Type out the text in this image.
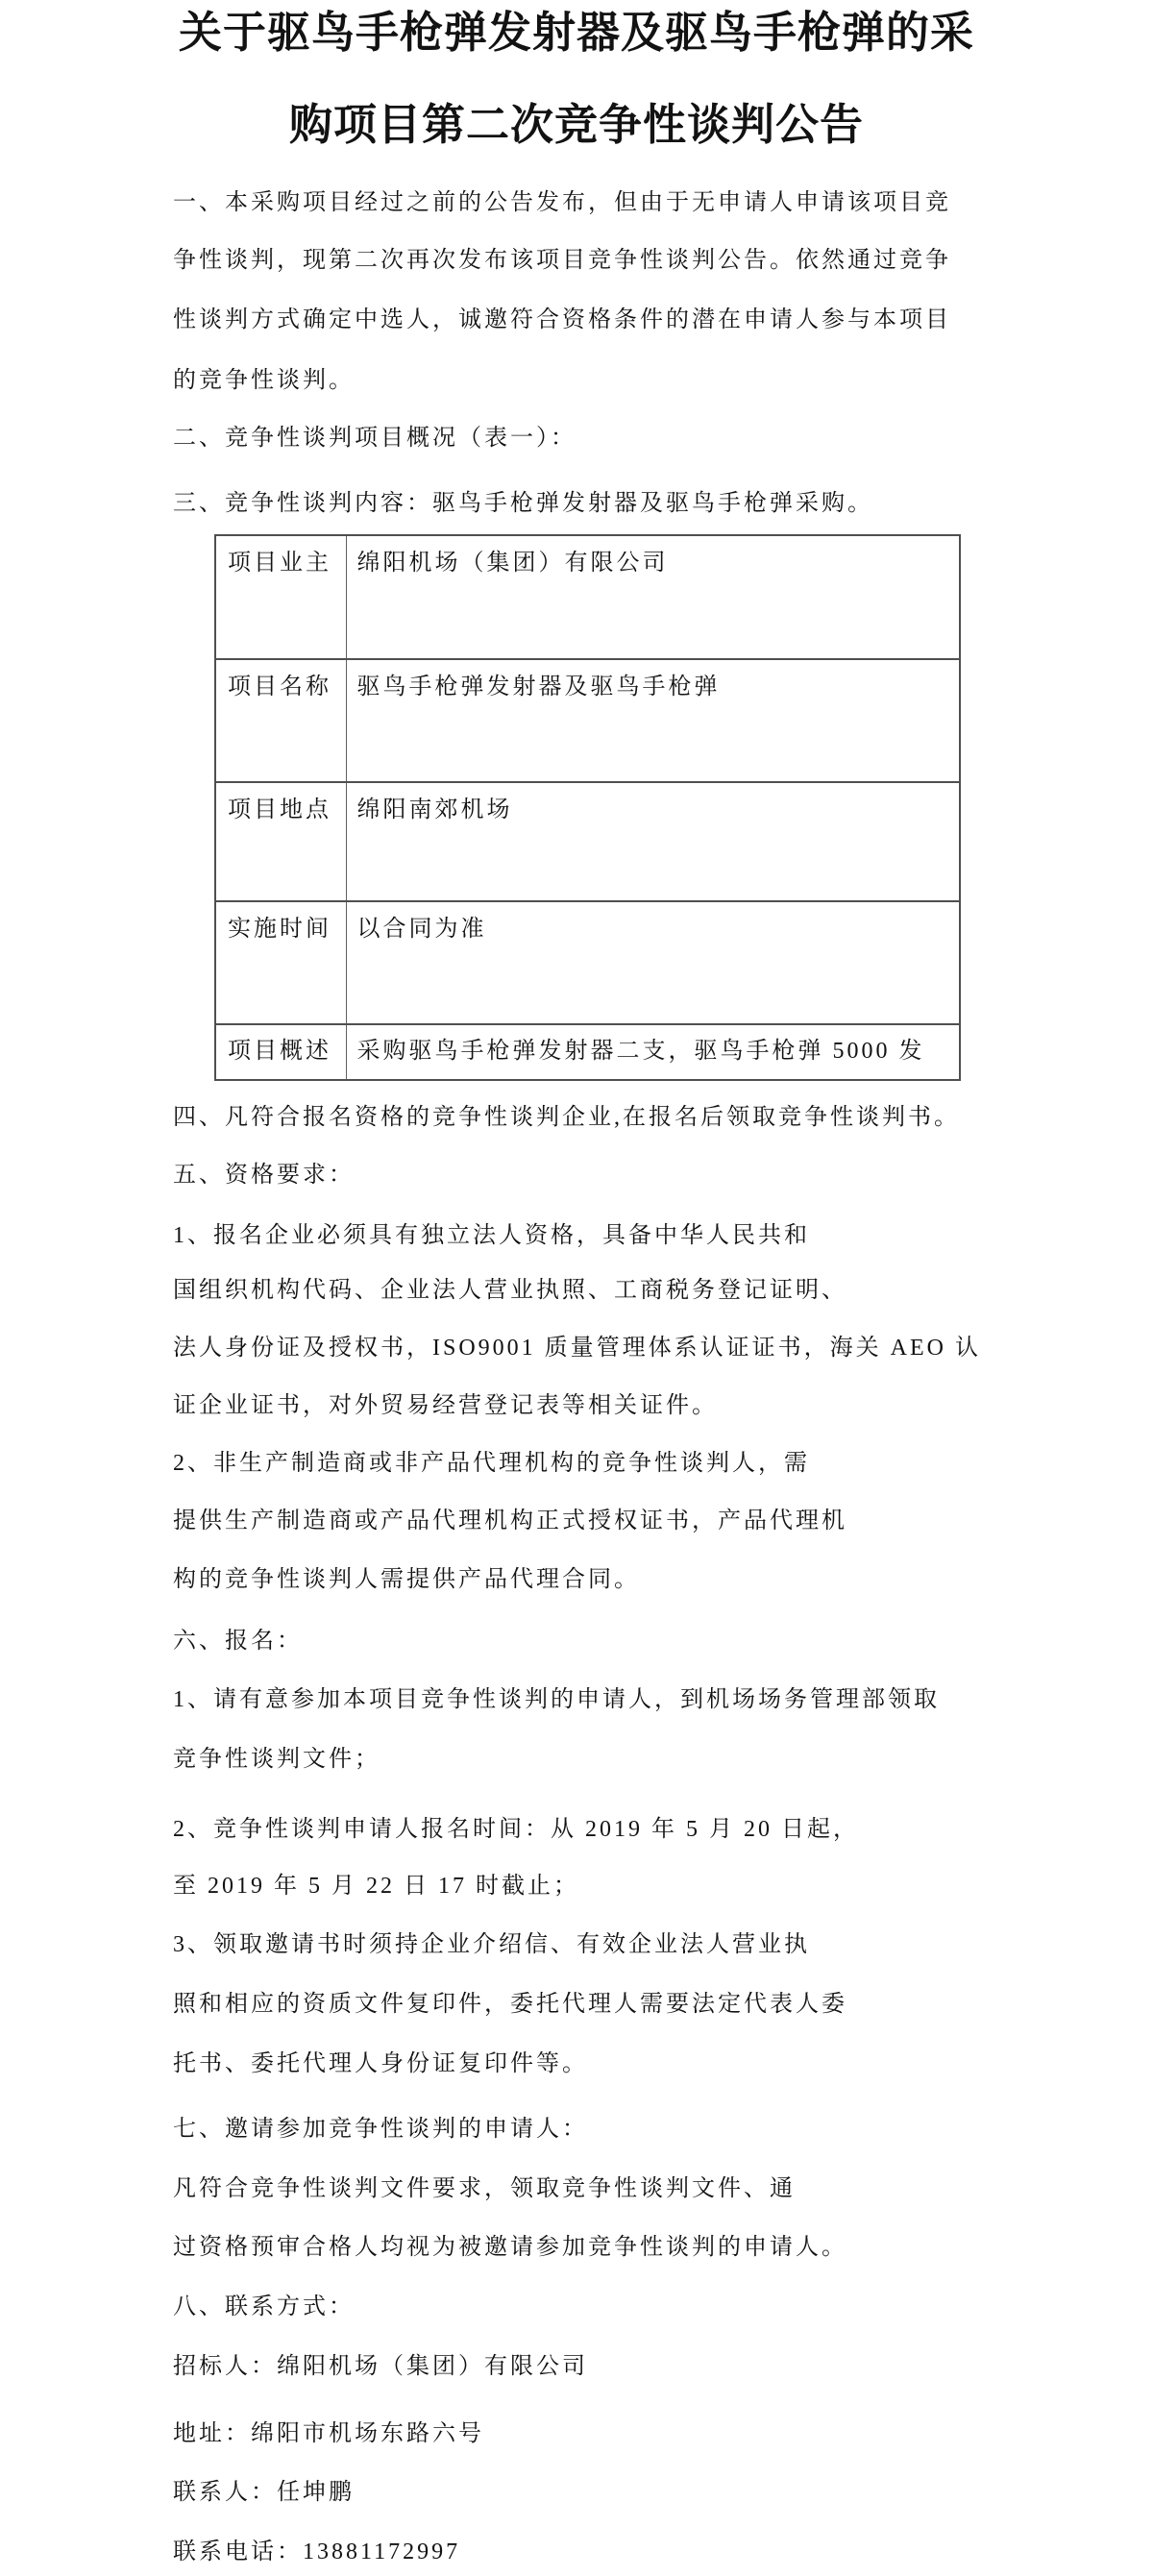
关于驱鸟手枪弹发射器及驱鸟手枪弹的采
购项目第二次竞争性谈判公告
一、本采购项目经过之前的公告发布，但由于无申请人申请该项目竞
争性谈判，现第二次再次发布该项目竞争性谈判公告。依然通过竞争
性谈判方式确定中选人，诚邀符合资格条件的潜在申请人参与本项目
的竞争性谈判。
二、竞争性谈判项目概况（表一）：
三、竞争性谈判内容：驱鸟手枪弹发射器及驱鸟手枪弹采购。
项目业主	绵阳机场（集团）有限公司
项目名称	驱鸟手枪弹发射器及驱鸟手枪弹
项目地点	绵阳南郊机场
实施时间	以合同为准
项目概述	采购驱鸟手枪弹发射器二支，驱鸟手枪弹 5000 发
四、凡符合报名资格的竞争性谈判企业,在报名后领取竞争性谈判书。
五、资格要求：
1、报名企业必须具有独立法人资格，具备中华人民共和
国组织机构代码、企业法人营业执照、工商税务登记证明、
法人身份证及授权书，ISO9001 质量管理体系认证证书，海关 AEO 认
证企业证书，对外贸易经营登记表等相关证件。
2、非生产制造商或非产品代理机构的竞争性谈判人，需
提供生产制造商或产品代理机构正式授权证书，产品代理机
构的竞争性谈判人需提供产品代理合同。
六、报名：
1、请有意参加本项目竞争性谈判的申请人，到机场场务管理部领取
竞争性谈判文件；
2、竞争性谈判申请人报名时间：从 2019 年 5 月 20 日起，
至 2019 年 5 月 22 日 17 时截止；
3、领取邀请书时须持企业介绍信、有效企业法人营业执
照和相应的资质文件复印件，委托代理人需要法定代表人委
托书、委托代理人身份证复印件等。
七、邀请参加竞争性谈判的申请人：
凡符合竞争性谈判文件要求，领取竞争性谈判文件、通
过资格预审合格人均视为被邀请参加竞争性谈判的申请人。
八、联系方式：
招标人：绵阳机场（集团）有限公司
地址：绵阳市机场东路六号
联系人：任坤鹏
联系电话：13881172997
